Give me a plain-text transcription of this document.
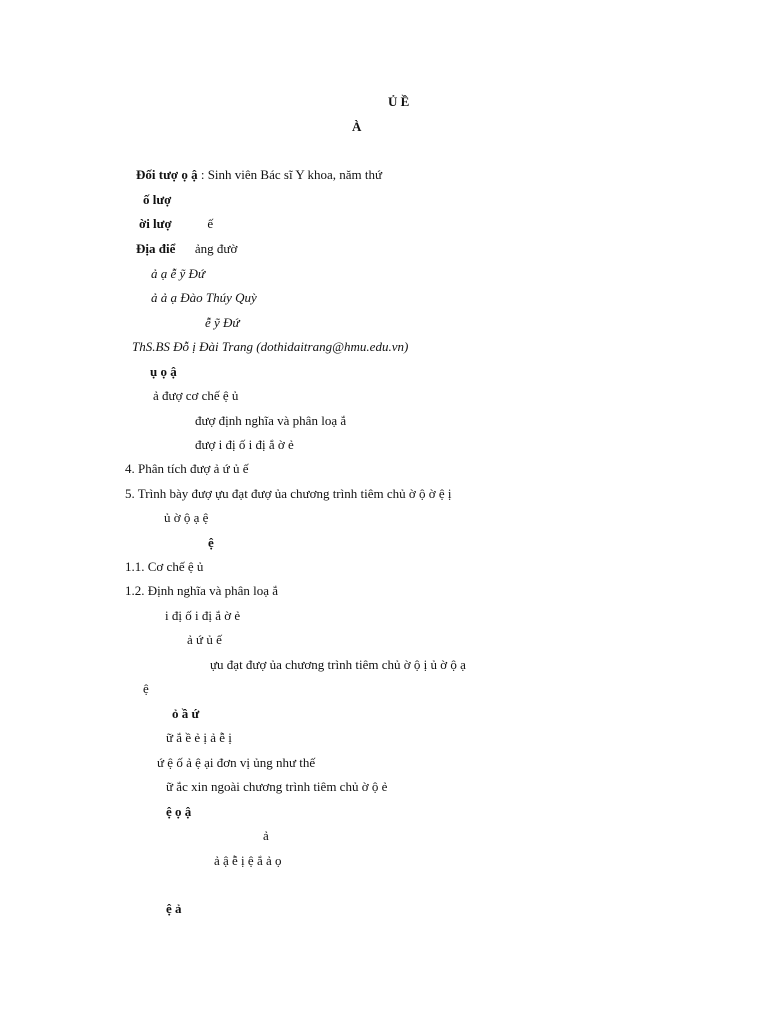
Ủ Ề
À
Đối tượ ọ ậ : Sinh viên Bác sĩ Y khoa, năm thứ
ố lượ
ời lượ	ế
Địa điể ảng đườ
ả ạ ễ ỹ Đứ
ả ả ạ Đào Thúy Quỳ
ễ ỹ Đứ
ThS.BS Đỗ ị Đài Trang (dothidaitrang@hmu.edu.vn)
ụ ọ ậ
ả đượ cơ chế ệ ủ
đượ định nghĩa và phân loạ ắ
đượ i đị ố i đị ắ ờ ẻ
4. Phân tích đượ ả ứ ủ ế
5. Trình bày đượ ựu đạt đượ ủa chương trình tiêm chủ ờ ộ ờ ệ ị
ủ ờ ộ ạ ệ
ệ
1.1. Cơ chế ệ ủ
1.2. Định nghĩa và phân loạ ắ
i đị ố i đị ắ ờ ẻ
ả ứ ủ ế
ựu đạt đượ ủa chương trình tiêm chủ ờ ộ ị ủ ờ ộ ạ
ệ
ỏ ầ ứ
ữ ắ ề ẻ ị ả ễ ị
ứ ệ ố ả ệ ại đơn vị ủng như thế
ữ ắc xin ngoài chương trình tiêm chủ ờ ộ ẻ
ệ ọ ậ
ả
ả ậ ễ ị ệ ắ ả ọ
ệ ả
